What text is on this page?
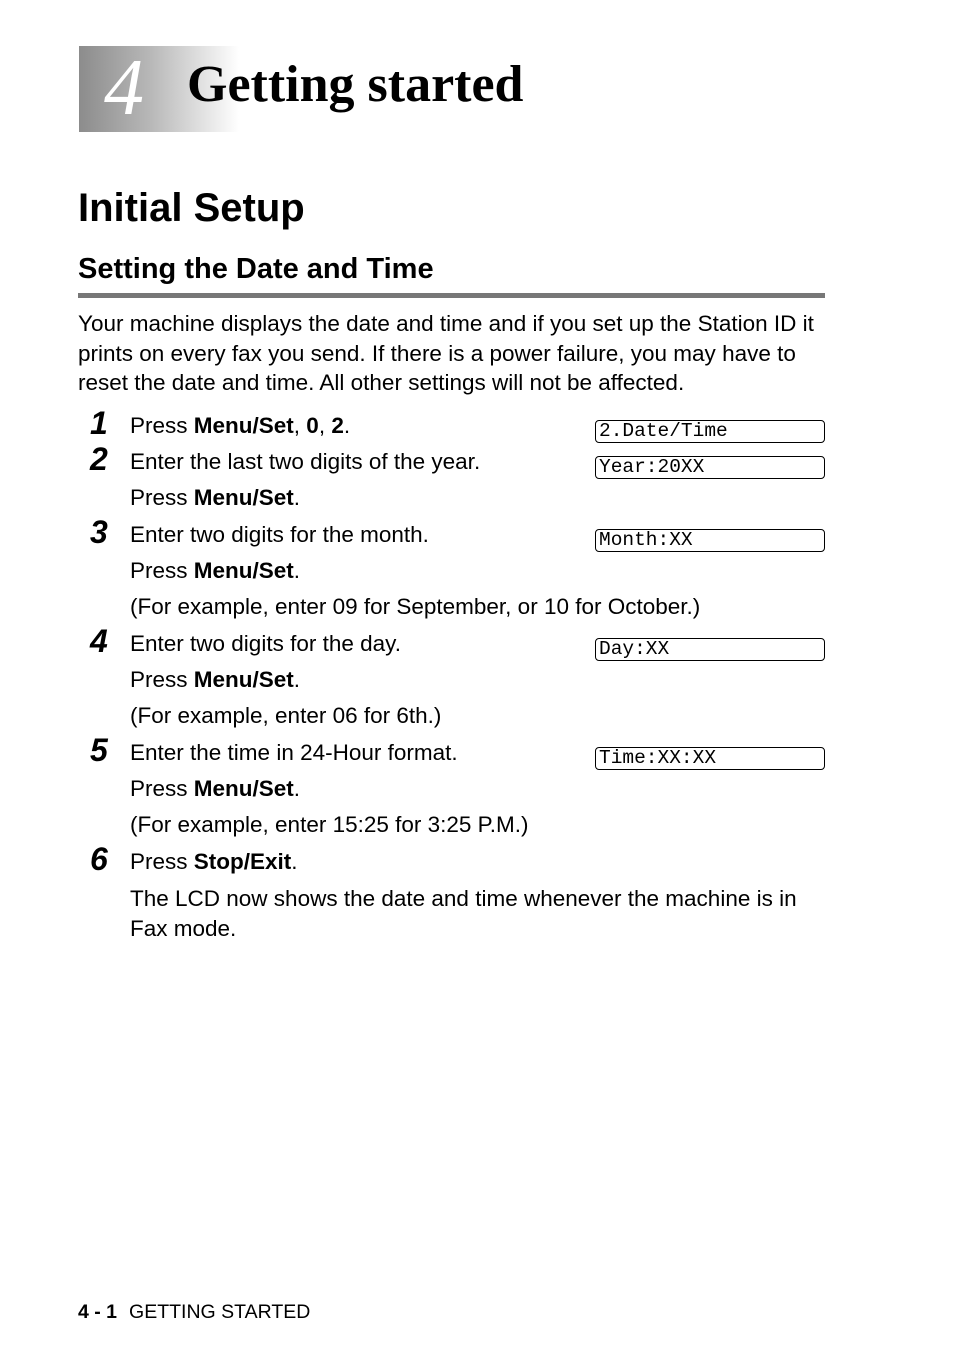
4 Getting started
Initial Setup
Setting the Date and Time
Your machine displays the date and time and if you set up the Station ID it prints on every fax you send. If there is a power failure, you may have to reset the date and time. All other settings will not be affected.
1 Press Menu/Set, 0, 2.	2.Date/Time
2 Enter the last two digits of the year.	Year:20XX
Press Menu/Set.
3 Enter two digits for the month.	Month:XX
Press Menu/Set.
(For example, enter 09 for September, or 10 for October.)
4 Enter two digits for the day.	Day:XX
Press Menu/Set.
(For example, enter 06 for 6th.)
5 Enter the time in 24-Hour format.	Time:XX:XX
Press Menu/Set.
(For example, enter 15:25 for 3:25 P.M.)
6 Press Stop/Exit.
The LCD now shows the date and time whenever the machine is in Fax mode.
4 - 1 GETTING STARTED
